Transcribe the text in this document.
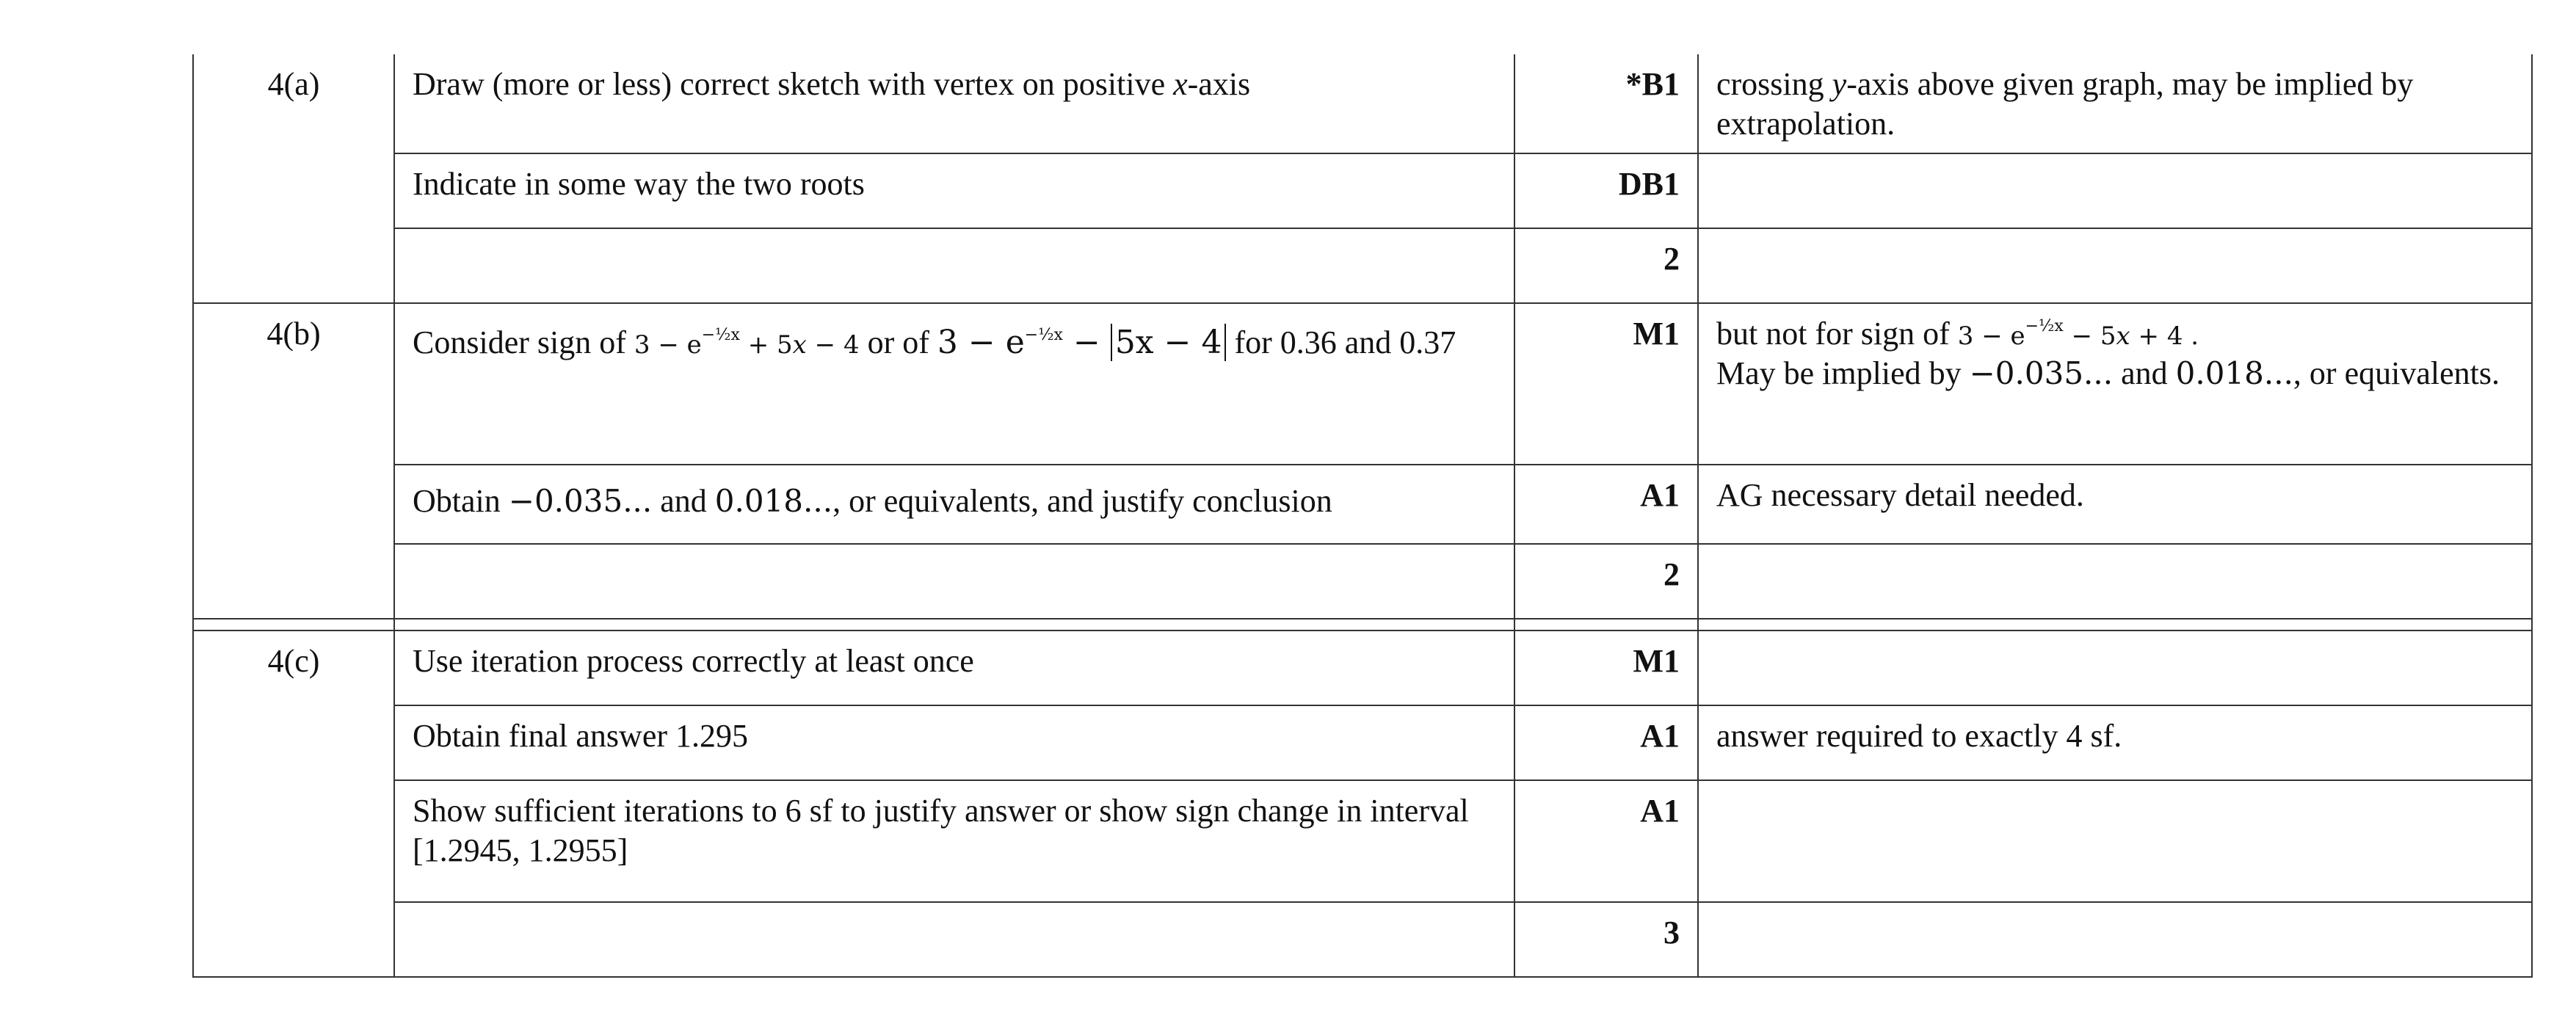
4(a)	Draw (more or less) correct sketch with vertex on positive x-axis	*B1	crossing y-axis above given graph, may be implied by extrapolation.
	Indicate in some way the two roots	DB1	
		2	
4(b)	Consider sign of $3 - e^{-\frac{1}{2}x} + 5x - 4$ or of $3 - e^{-\frac{1}{2}x} - 5x - 4$ for 0.36 and 0.37	M1	but not for sign of $3 - e^{-\frac{1}{2}x} - 5x + 4$ .
May be implied by −0.035... and 0.018..., or equivalents.
	Obtain −0.035... and 0.018..., or equivalents, and justify conclusion	A1	AG necessary detail needed.
		2	

4(c)	Use iteration process correctly at least once	M1	
	Obtain final answer 1.295	A1	answer required to exactly 4 sf.
	Show sufficient iterations to 6 sf to justify answer or show sign change in interval [1.2945, 1.2955]	A1	
		3	
